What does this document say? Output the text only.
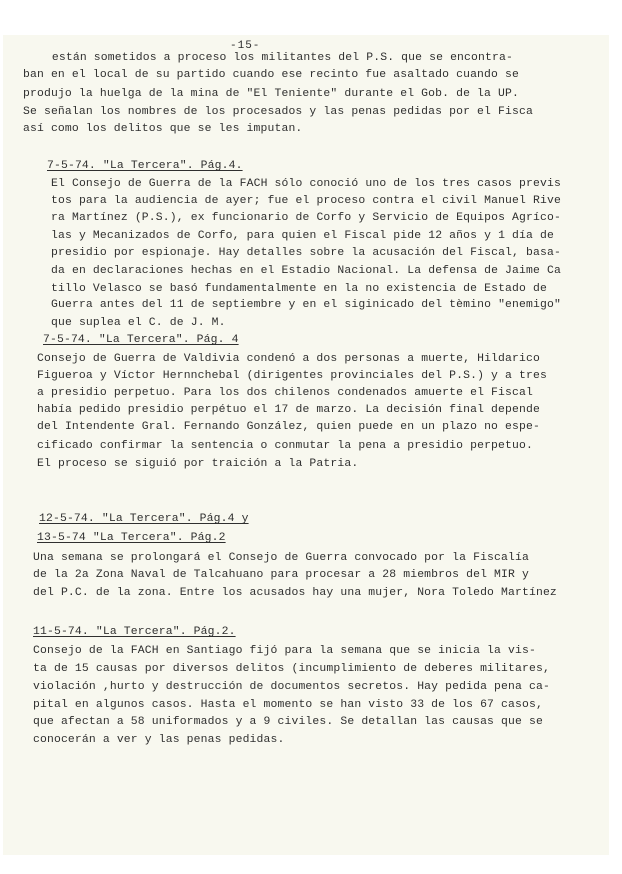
-15-
están sometidos a proceso los militantes del P.S. que se encontra-
ban en el local de su partido cuando ese recinto fue asaltado cuando se
produjo la huelga de la mina de "El Teniente" durante el Gob. de la UP.
Se señalan los nombres de los procesados y las penas pedidas por el Fisca
así como los delitos que se les imputan.
7-5-74. "La Tercera". Pág.4.
El Consejo de Guerra de la FACH sólo conoció uno de los tres casos previs
tos para la audiencia de ayer; fue el proceso contra el civil Manuel Rive
ra Martínez (P.S.), ex funcionario de Corfo y Servicio de Equipos Agríco-
las y Mecanizados de Corfo, para quien el Fiscal pide 12 años y 1 día de
presidio por espionaje. Hay detalles sobre la acusación del Fiscal, basa-
da en declaraciones hechas en el Estadio Nacional. La defensa de Jaime Ca
tillo Velasco se basó fundamentalmente en la no existencia de Estado de
Guerra antes del 11 de septiembre y en el siginicado del tèmino "enemigo"
que suplea el C. de J. M.
7-5-74. "La Tercera". Pág. 4
Consejo de Guerra de Valdivia condenó a dos personas a muerte, Hildarico
Figueroa y Víctor Hernnchebal (dirigentes provinciales del P.S.) y a tres
a presidio perpetuo. Para los dos chilenos condenados amuerte el Fiscal
había pedido presidio perpétuo el 17 de marzo. La decisión final depende
del Intendente Gral. Fernando González, quien puede en un plazo no espe-
cificado confirmar la sentencia o conmutar la pena a presidio perpetuo.
El proceso se siguió por traición a la Patria.
12-5-74. "La Tercera". Pág.4 y
13-5-74 "La Tercera". Pág.2
Una semana se prolongará el Consejo de Guerra convocado por la Fiscalía
de la 2a Zona Naval de Talcahuano para procesar a 28 miembros del MIR y
del P.C. de la zona. Entre los acusados hay una mujer, Nora Toledo Martínez
11-5-74. "La Tercera". Pág.2.
Consejo de la FACH en Santiago fijó para la semana que se inicia la vis-
ta de 15 causas por diversos delitos (incumplimiento de deberes militares,
violación ,hurto y destrucción de documentos secretos. Hay pedida pena ca-
pital en algunos casos. Hasta el momento se han visto 33 de los 67 casos,
que afectan a 58 uniformados y a 9 civiles. Se detallan las causas que se
conocerán a ver y las penas pedidas.
